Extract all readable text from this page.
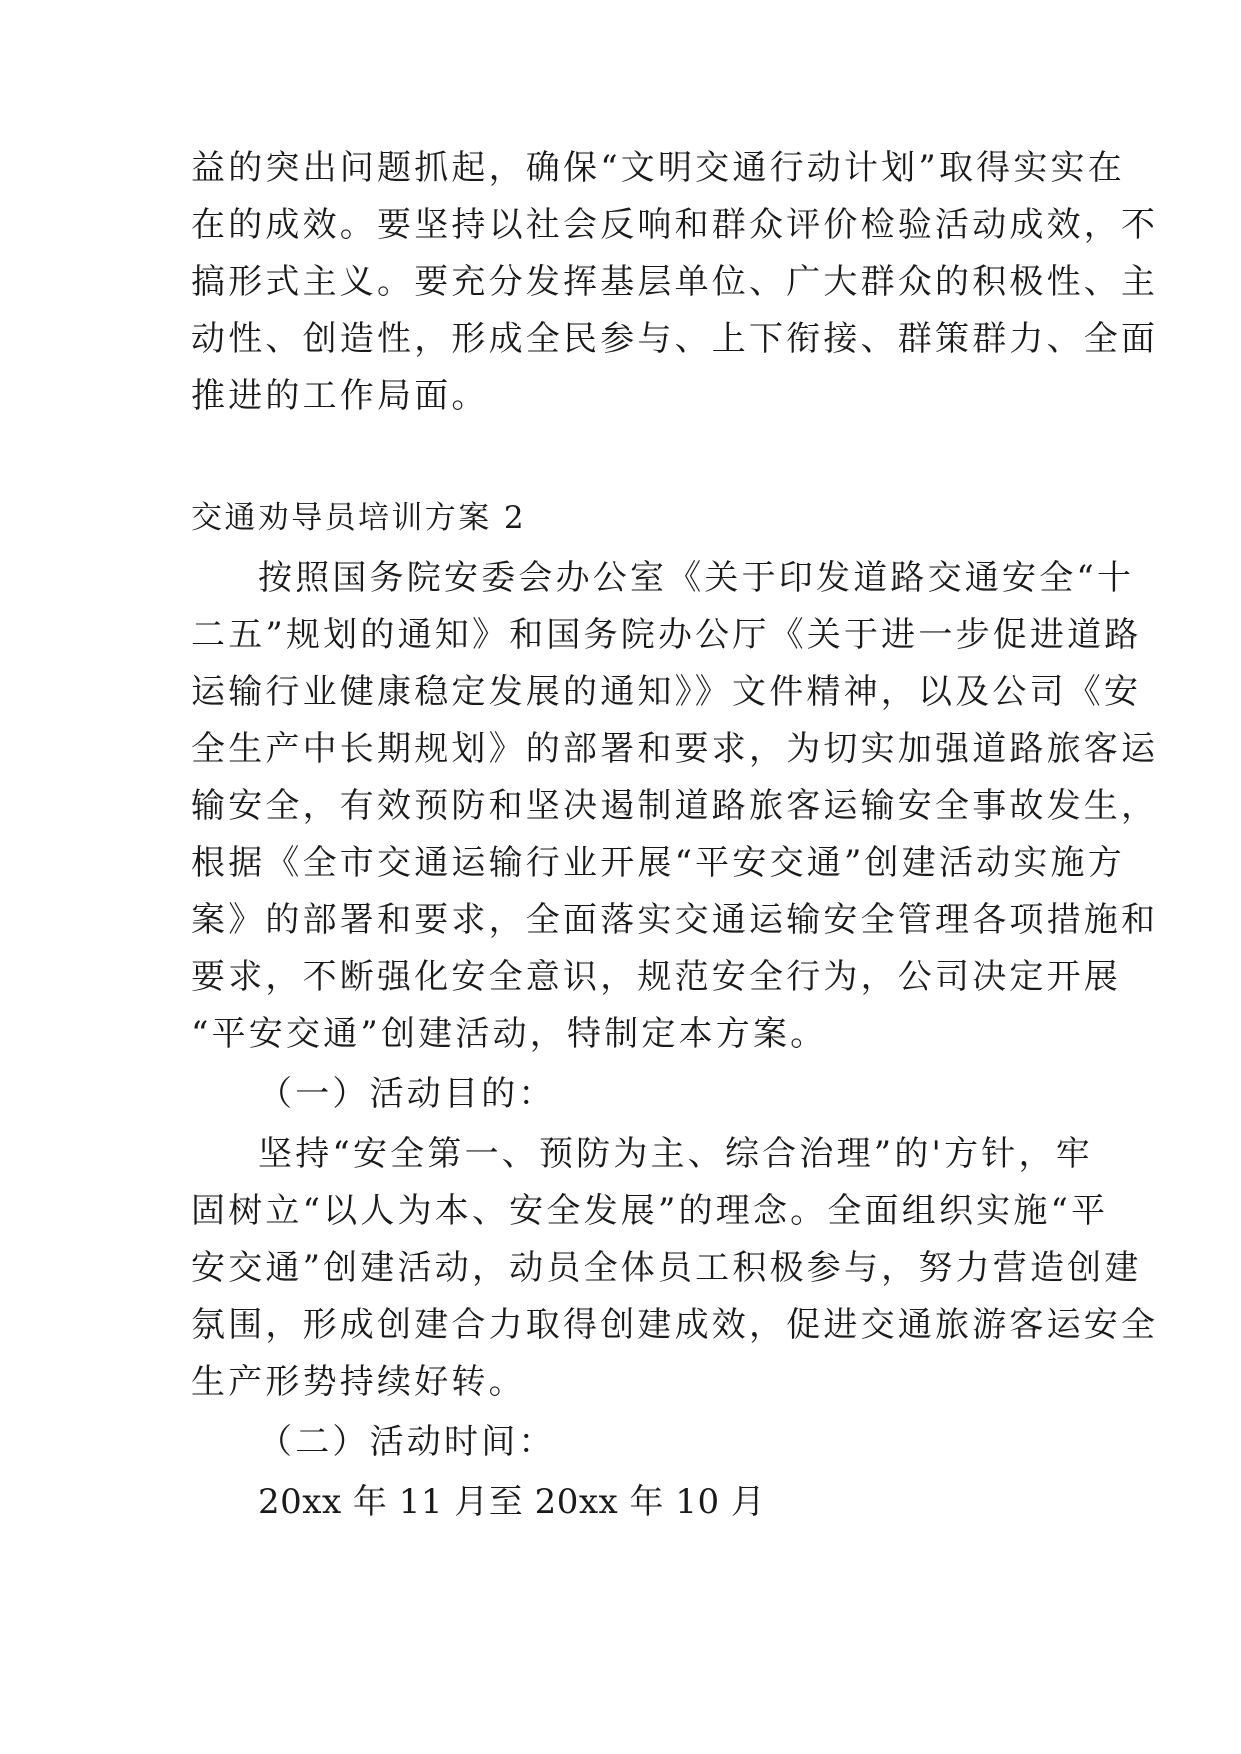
益的突出问题抓起，确保“文明交通行动计划”取得实实在
在的成效。要坚持以社会反响和群众评价检验活动成效，不
搞形式主义。要充分发挥基层单位、广大群众的积极性、主
动性、创造性，形成全民参与、上下衔接、群策群力、全面
推进的工作局面。
交通劝导员培训方案 2
按照国务院安委会办公室《关于印发道路交通安全“十
二五”规划的通知》和国务院办公厅《关于进一步促进道路
运输行业健康稳定发展的通知》》文件精神，以及公司《安
全生产中长期规划》的部署和要求，为切实加强道路旅客运
输安全，有效预防和坚决遏制道路旅客运输安全事故发生，
根据《全市交通运输行业开展“平安交通”创建活动实施方
案》的部署和要求，全面落实交通运输安全管理各项措施和
要求，不断强化安全意识，规范安全行为，公司决定开展
“平安交通”创建活动，特制定本方案。
（一）活动目的：
坚持“安全第一、预防为主、综合治理”的'方针，牢
固树立“以人为本、安全发展”的理念。全面组织实施“平
安交通”创建活动，动员全体员工积极参与，努力营造创建
氛围，形成创建合力取得创建成效，促进交通旅游客运安全
生产形势持续好转。
（二）活动时间：
20xx 年 11 月至 20xx 年 10 月
